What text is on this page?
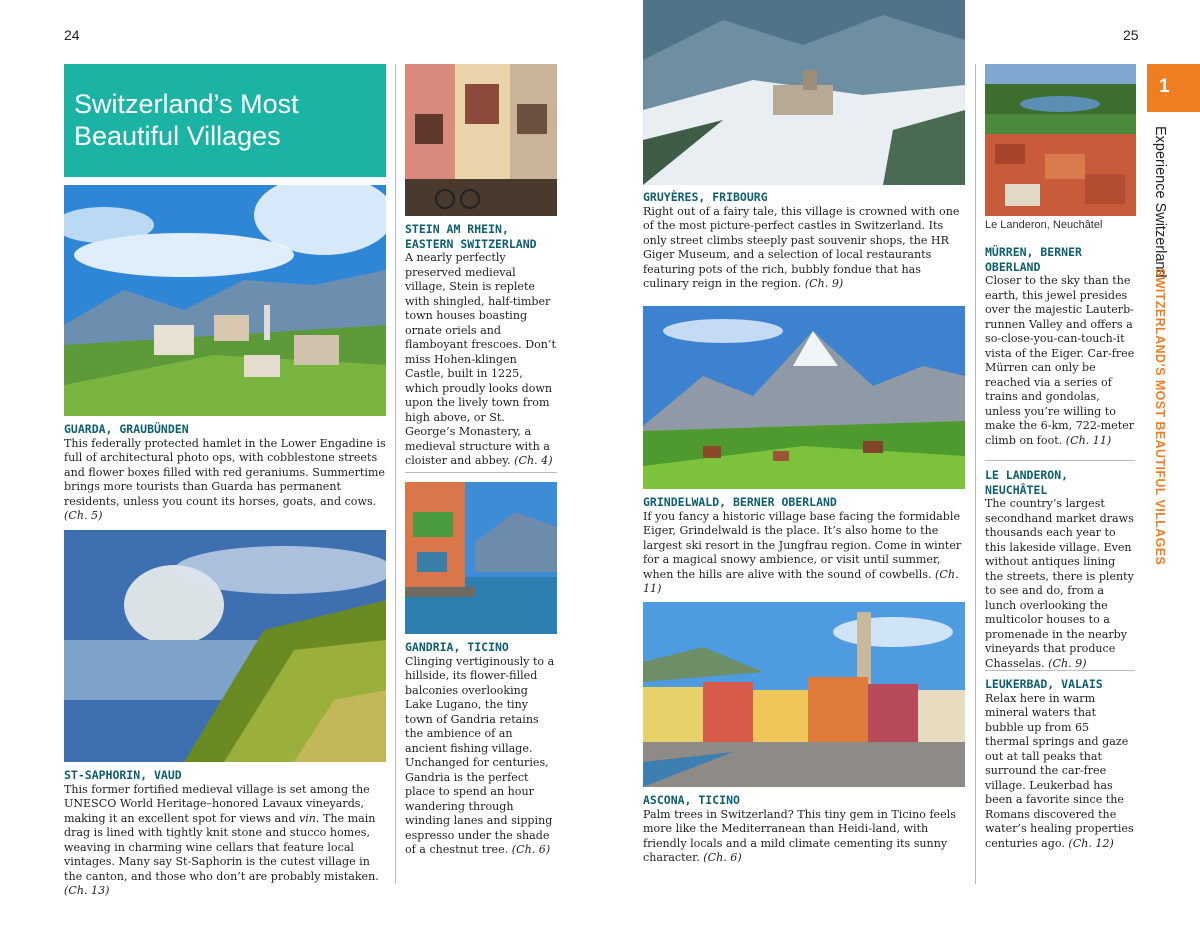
24	25
Switzerland’s Most Beautiful Villages
GUARDA, GRAUBÜNDEN
This federally protected hamlet in the Lower Engadine is full of architectural photo ops, with cobblestone streets and flower boxes filled with red geraniums. Summertime brings more tourists than Guarda has permanent residents, unless you count its horses, goats, and cows. (Ch. 5)
ST-SAPHORIN, VAUD
This former fortified medieval village is set among the UNESCO World Heritage–honored Lavaux vineyards, making it an excellent spot for views and vin. The main drag is lined with tightly knit stone and stucco homes, weaving in charming wine cellars that feature local vintages. Many say St-Saphorin is the cutest village in the canton, and those who don’t are probably mistaken. (Ch. 13)
STEIN AM RHEIN, EASTERN SWITZERLAND
A nearly perfectly preserved medieval village, Stein is replete with shingled, half-timber town houses boasting ornate oriels and flamboyant frescoes. Don’t miss Hohen-klingen Castle, built in 1225, which proudly looks down upon the lively town from high above, or St. George’s Monastery, a medieval structure with a cloister and abbey. (Ch. 4)
GANDRIA, TICINO
Clinging vertiginously to a hillside, its flower-filled balconies overlooking Lake Lugano, the tiny town of Gandria retains the ambience of an ancient fishing village. Unchanged for centuries, Gandria is the perfect place to spend an hour wandering through winding lanes and sipping espresso under the shade of a chestnut tree. (Ch. 6)
GRUYÈRES, FRIBOURG
Right out of a fairy tale, this village is crowned with one of the most picture-perfect castles in Switzerland. Its only street climbs steeply past souvenir shops, the HR Giger Museum, and a selection of local restaurants featuring pots of the rich, bubbly fondue that has culinary reign in the region. (Ch. 9)
GRINDELWALD, BERNER OBERLAND
If you fancy a historic village base facing the formidable Eiger, Grindelwald is the place. It’s also home to the largest ski resort in the Jungfrau region. Come in winter for a magical snowy ambience, or visit until summer, when the hills are alive with the sound of cowbells. (Ch. 11)
ASCONA, TICINO
Palm trees in Switzerland? This tiny gem in Ticino feels more like the Mediterranean than Heidi-land, with friendly locals and a mild climate cementing its sunny character. (Ch. 6)
Le Landeron, Neuchâtel
MÜRREN, BERNER OBERLAND
Closer to the sky than the earth, this jewel presides over the majestic Lauterb-runnen Valley and offers a so-close-you-can-touch-it vista of the Eiger. Car-free Mürren can only be reached via a series of trains and gondolas, unless you’re willing to make the 6-km, 722-meter climb on foot. (Ch. 11)
LE LANDERON, NEUCHÂTEL
The country’s largest secondhand market draws thousands each year to this lakeside village. Even without antiques lining the streets, there is plenty to see and do, from a lunch overlooking the multicolor houses to a promenade in the nearby vineyards that produce Chasselas. (Ch. 9)
LEUKERBAD, VALAIS
Relax here in warm mineral waters that bubble up from 65 thermal springs and gaze out at tall peaks that surround the car-free village. Leukerbad has been a favorite since the Romans discovered the water’s healing properties centuries ago. (Ch. 12)
1
Experience Switzerland
SWITZERLAND’S MOST BEAUTIFUL VILLAGES
